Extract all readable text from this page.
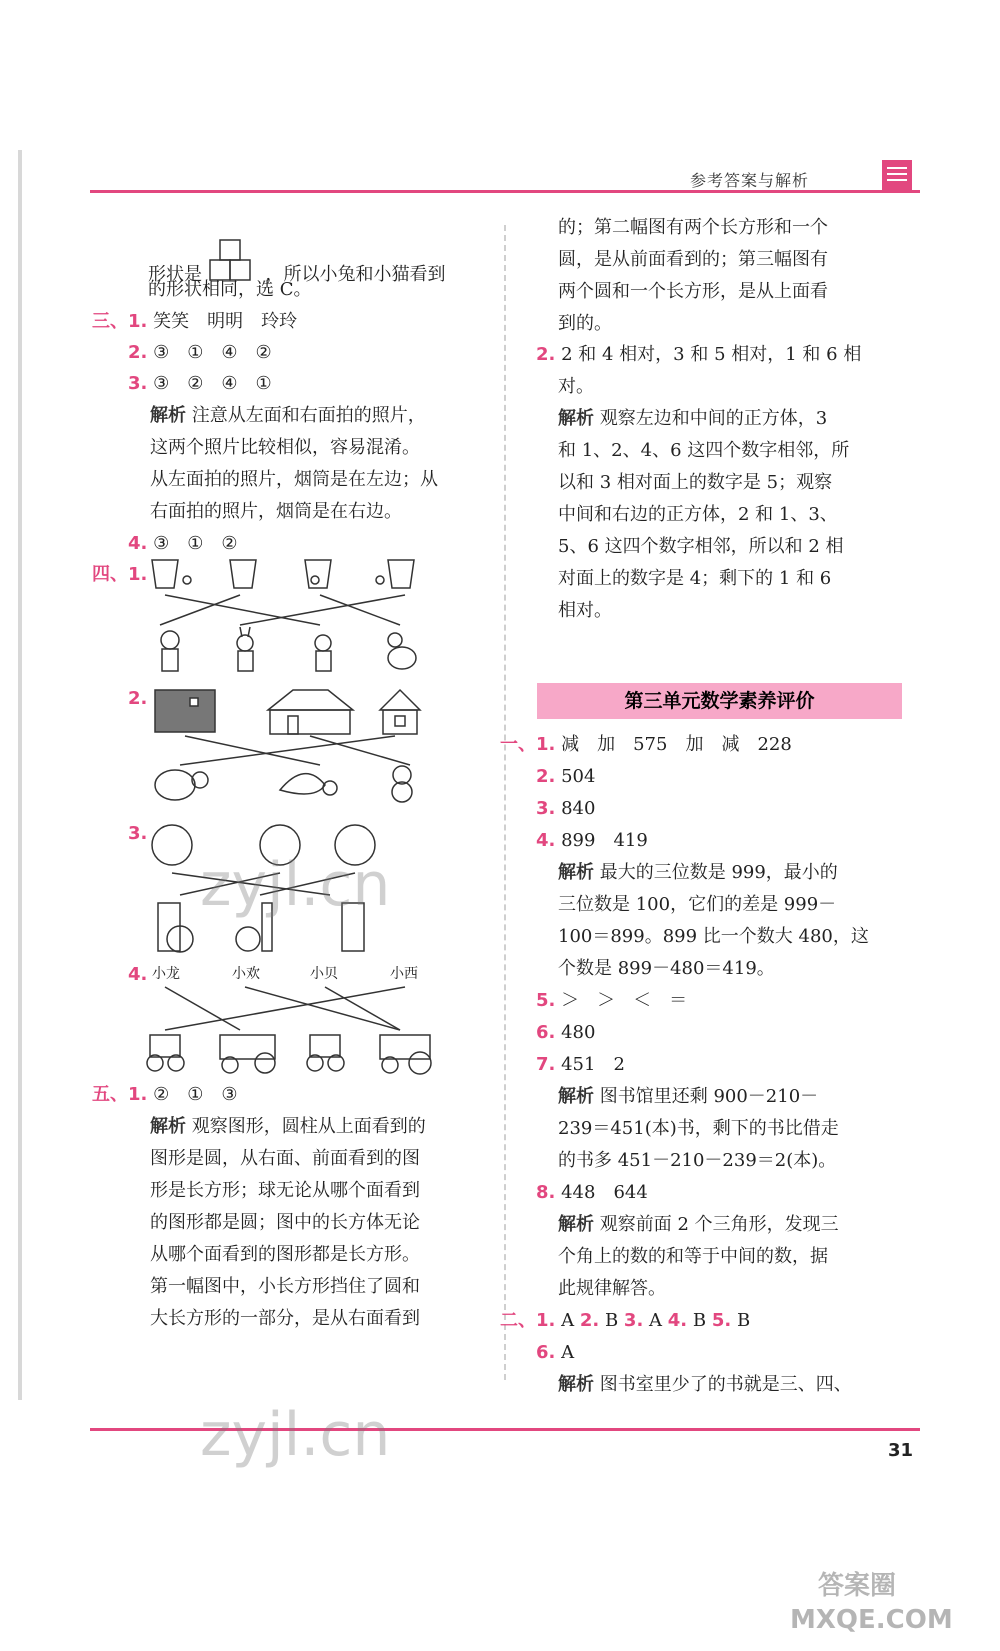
参考答案与解析
形状是	，所以小兔和小猫看到
的形状相同，选 C。
三、1. 笑笑　明明　玲玲
2. ③　①　④　②
3. ③　②　④　①
解析 注意从左面和右面拍的照片，
这两个照片比较相似，容易混淆。
从左面拍的照片，烟筒是在左边；从
右面拍的照片，烟筒是在右边。
4. ③　①　②
四、1.
2.
3.
4. 小龙	小欢	小贝	小西
五、1. ②　①　③
解析 观察图形，圆柱从上面看到的
图形是圆，从右面、前面看到的图
形是长方形；球无论从哪个面看到
的图形都是圆；图中的长方体无论
从哪个面看到的图形都是长方形。
第一幅图中，小长方形挡住了圆和
大长方形的一部分，是从右面看到
的；第二幅图有两个长方形和一个
圆，是从前面看到的；第三幅图有
两个圆和一个长方形，是从上面看
到的。
2. 2 和 4 相对，3 和 5 相对，1 和 6 相
对。
解析 观察左边和中间的正方体，3
和 1、2、4、6 这四个数字相邻，所
以和 3 相对面上的数字是 5；观察
中间和右边的正方体，2 和 1、3、
5、6 这四个数字相邻，所以和 2 相
对面上的数字是 4；剩下的 1 和 6
相对。
第三单元数学素养评价
一、1. 减　加　575　加　减　228
2. 504
3. 840
4. 899　419
解析 最大的三位数是 999，最小的
三位数是 100，它们的差是 999－
100＝899。899 比一个数大 480，这
个数是 899－480＝419。
5. ＞　＞　＜　＝
6. 480
7. 451　2
解析 图书馆里还剩 900－210－
239＝451(本)书，剩下的书比借走
的书多 451－210－239＝2(本)。
8. 448　644
解析 观察前面 2 个三角形，发现三
个角上的数的和等于中间的数，据
此规律解答。
二、1. A 2. B 3. A 4. B 5. B
6. A
解析 图书室里少了的书就是三、四、
31
zyjl.cn
zyjl.cn
答案圈
MXQE.COM
